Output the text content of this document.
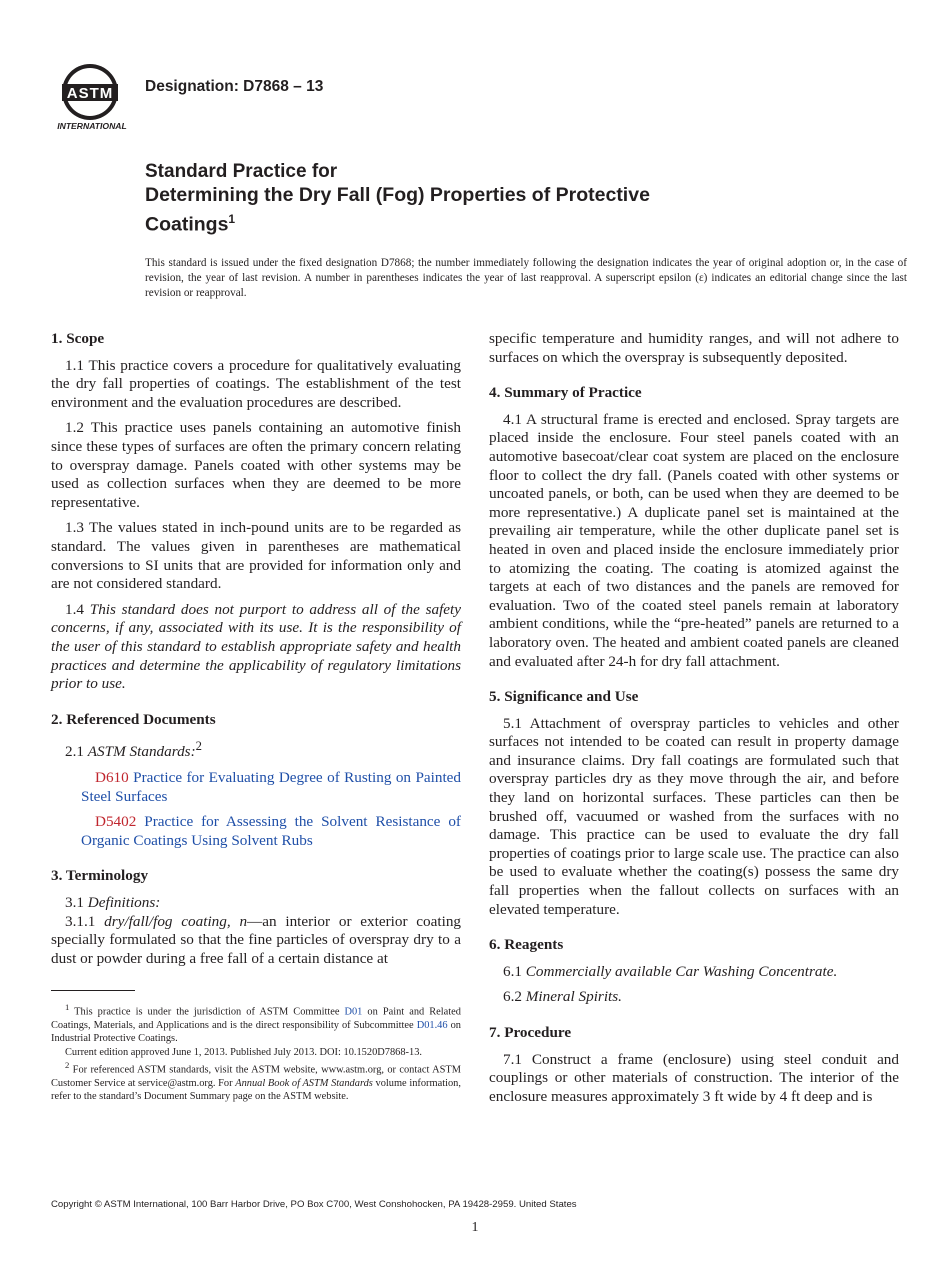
ASTM
INTERNATIONAL
Designation: D7868 – 13
Standard Practice for
Determining the Dry Fall (Fog) Properties of Protective
Coatings$^1$
This standard is issued under the fixed designation D7868; the number immediately following the designation indicates the year of original adoption or, in the case of revision, the year of last revision. A number in parentheses indicates the year of last reapproval. A superscript epsilon (ε) indicates an editorial change since the last revision or reapproval.
1. Scope

1.1 This practice covers a procedure for qualitatively evaluating the dry fall properties of coatings. The establishment of the test environment and the evaluation procedures are described.

1.2 This practice uses panels containing an automotive finish since these types of surfaces are often the primary concern relating to overspray damage. Panels coated with other systems may be used as collection surfaces when they are deemed to be more representative.

1.3 The values stated in inch-pound units are to be regarded as standard. The values given in parentheses are mathematical conversions to SI units that are provided for information only and are not considered standard.

1.4 This standard does not purport to address all of the safety concerns, if any, associated with its use. It is the responsibility of the user of this standard to establish appropriate safety and health practices and determine the applicability of regulatory limitations prior to use.

2. Referenced Documents

2.1 ASTM Standards:$^2$

D610 Practice for Evaluating Degree of Rusting on Painted Steel Surfaces

D5402 Practice for Assessing the Solvent Resistance of Organic Coatings Using Solvent Rubs

3. Terminology

3.1 Definitions:

3.1.1 dry/fall/fog coating, n—an interior or exterior coating specially formulated so that the fine particles of overspray dry to a dust or powder during a free fall of a certain distance at

specific temperature and humidity ranges, and will not adhere to surfaces on which the overspray is subsequently deposited.

4. Summary of Practice

4.1 A structural frame is erected and enclosed. Spray targets are placed inside the enclosure. Four steel panels coated with an automotive basecoat/clear coat system are placed on the enclosure floor to collect the dry fall. (Panels coated with other systems or uncoated panels, or both, can be used when they are deemed to be more representative.) A duplicate panel set is maintained at the prevailing air temperature, while the other duplicate panel set is heated in oven and placed inside the enclosure immediately prior to atomizing the coating. The coating is atomized against the targets at each of two distances and the panels are removed for evaluation. Two of the coated steel panels remain at laboratory ambient conditions, while the “pre-heated” panels are returned to a laboratory oven. The heated and ambient coated panels are cleaned and evaluated after 24-h for dry fall attachment.

5. Significance and Use

5.1 Attachment of overspray particles to vehicles and other surfaces not intended to be coated can result in property damage and insurance claims. Dry fall coatings are formulated such that overspray particles dry as they move through the air, and before they land on horizontal surfaces. These particles can then be brushed off, vacuumed or washed from the surfaces with no damage. This practice can be used to evaluate the dry fall properties of coatings prior to large scale use. The practice can also be used to evaluate whether the coating(s) possess the same dry fall properties when the fallout collects on surfaces with an elevated temperature.

6. Reagents

6.1 Commercially available Car Washing Concentrate.

6.2 Mineral Spirits.

7. Procedure

7.1 Construct a frame (enclosure) using steel conduit and couplings or other materials of construction. The interior of the enclosure measures approximately 3 ft wide by 4 ft deep and is

$^1$ This practice is under the jurisdiction of ASTM Committee D01 on Paint and Related Coatings, Materials, and Applications and is the direct responsibility of Subcommittee D01.46 on Industrial Protective Coatings.

Current edition approved June 1, 2013. Published July 2013. DOI: 10.1520D7868-13.

$^2$ For referenced ASTM standards, visit the ASTM website, www.astm.org, or contact ASTM Customer Service at service@astm.org. For Annual Book of ASTM Standards volume information, refer to the standard’s Document Summary page on the ASTM website.

Copyright © ASTM International, 100 Barr Harbor Drive, PO Box C700, West Conshohocken, PA 19428-2959. United States
1
